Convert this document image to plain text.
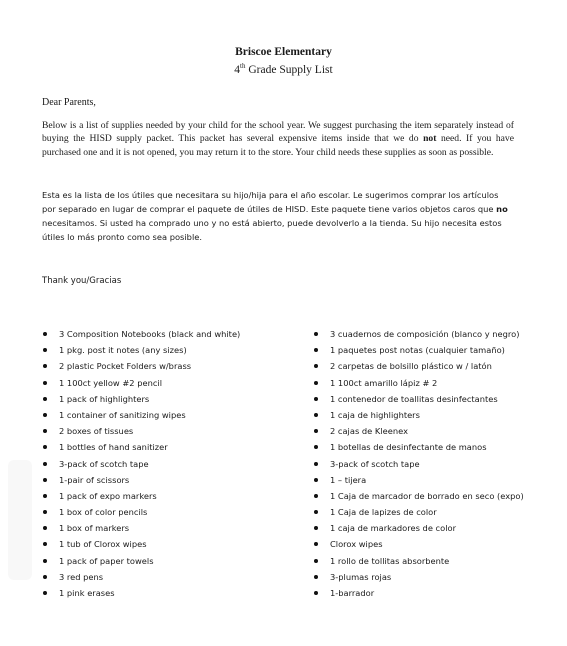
Briscoe Elementary
4th Grade Supply List
Dear Parents,

Below is a list of supplies needed by your child for the school year. We suggest purchasing the item separately instead of buying the HISD supply packet. This packet has several expensive items inside that we do not need. If you have purchased one and it is not opened, you may return it to the store. Your child needs these supplies as soon as possible.

Esta es la lista de los útiles que necesitara su hijo/hija para el año escolar. Le sugerimos comprar los artículos por separado en lugar de comprar el paquete de útiles de HISD. Este paquete tiene varios objetos caros que no necesitamos. Si usted ha comprado uno y no está abierto, puede devolverlo a la tienda. Su hijo necesita estos útiles lo más pronto como sea posible.

Thank you/Gracias
3 Composition Notebooks (black and white)
1 pkg. post it notes (any sizes)
2 plastic Pocket Folders w/brass
1 100ct yellow #2 pencil
1 pack of highlighters
1 container of sanitizing wipes
2 boxes of tissues
1 bottles of hand sanitizer
3-pack of scotch tape
1-pair of scissors
1 pack of expo markers
1 box of color pencils
1 box of markers
1 tub of Clorox wipes
1 pack of paper towels
3 red pens
1 pink erases
3 cuadernos de composición (blanco y negro)
1 paquetes post notas (cualquier tamaño)
2 carpetas de bolsillo plástico w / latón
1 100ct amarillo lápiz # 2
1 contenedor de toallitas desinfectantes
1 caja de highlighters
2 cajas de Kleenex
1 botellas de desinfectante de manos
3-pack of scotch tape
1 – tijera
1 Caja de marcador de borrado en seco (expo)
1 Caja de lapizes de color
1 caja de markadores de color
Clorox wipes
1 rollo de tollitas absorbente
3-plumas rojas
1-barrador
